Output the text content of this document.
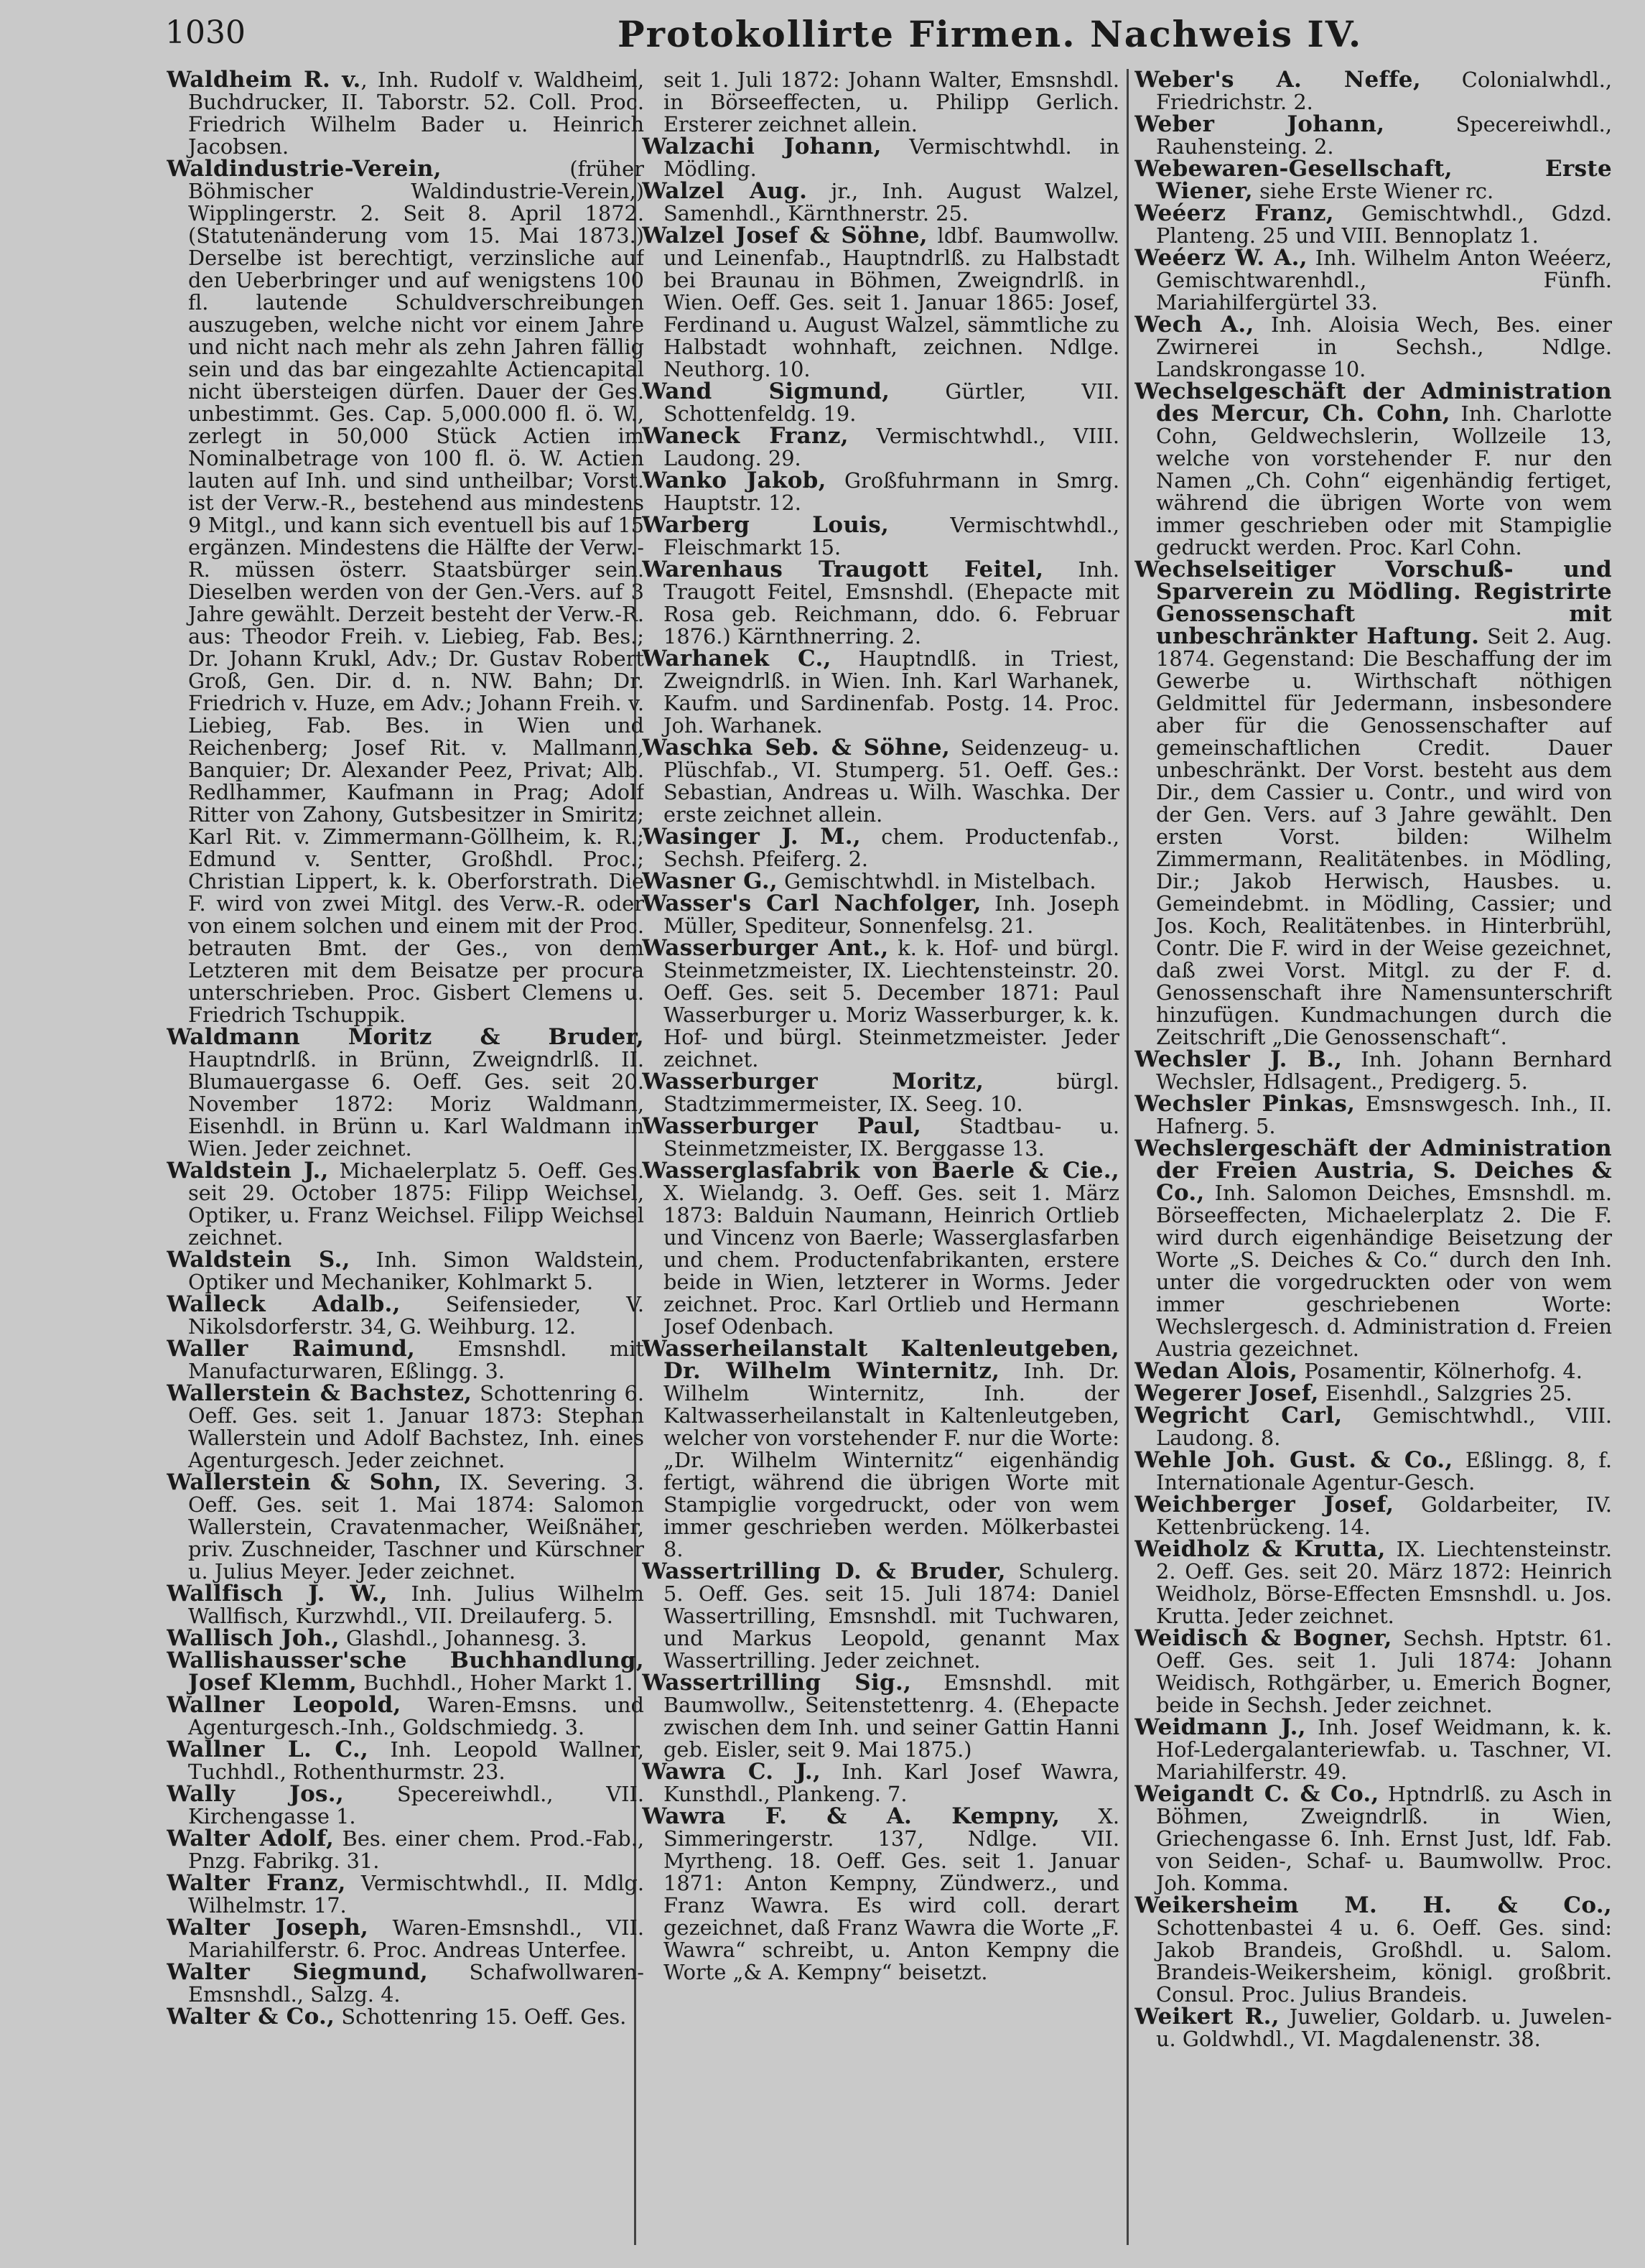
1030	Protokollirte Firmen. Nachweis IV.

Waldheim R. v., Inh. Rudolf v. Waldheim, Buchdrucker, II. Taborstr. 52. Coll. Proc. Friedrich Wilhelm Bader u. Heinrich Jacobsen.

Waldindustrie-Verein, (früher Böhmischer Waldindustrie-Verein,) Wipplingerstr. 2. Seit 8. April 1872. (Statutenänderung vom 15. Mai 1873.) Derselbe ist berechtigt, verzinsliche auf den Ueberbringer und auf wenigstens 100 fl. lautende Schuldverschreibungen auszugeben, welche nicht vor einem Jahre und nicht nach mehr als zehn Jahren fällig sein und das bar eingezahlte Actiencapital nicht übersteigen dürfen. Dauer der Ges. unbestimmt. Ges. Cap. 5,000.000 fl. ö. W., zerlegt in 50,000 Stück Actien im Nominalbetrage von 100 fl. ö. W. Actien lauten auf Inh. und sind untheilbar; Vorst. ist der Verw.-R., bestehend aus mindestens 9 Mitgl., und kann sich eventuell bis auf 15 ergänzen. Mindestens die Hälfte der Verw.-R. müssen österr. Staatsbürger sein. Dieselben werden von der Gen.-Vers. auf 3 Jahre gewählt. Derzeit besteht der Verw.-R. aus: Theodor Freih. v. Liebieg, Fab. Bes.; Dr. Johann Krukl, Adv.; Dr. Gustav Robert Groß, Gen. Dir. d. n. NW. Bahn; Dr. Friedrich v. Huze, em Adv.; Johann Freih. v. Liebieg, Fab. Bes. in Wien und Reichenberg; Josef Rit. v. Mallmann, Banquier; Dr. Alexander Peez, Privat; Alb. Redlhammer, Kaufmann in Prag; Adolf Ritter von Zahony, Gutsbesitzer in Smiritz; Karl Rit. v. Zimmermann-Göllheim, k. R.; Edmund v. Sentter, Großhdl. Proc.; Christian Lippert, k. k. Oberforstrath. Die F. wird von zwei Mitgl. des Verw.-R. oder von einem solchen und einem mit der Proc. betrauten Bmt. der Ges., von dem Letzteren mit dem Beisatze per procura unterschrieben. Proc. Gisbert Clemens u. Friedrich Tschuppik.

Waldmann Moritz & Bruder, Hauptndrlß. in Brünn, Zweigndrlß. II. Blumauergasse 6. Oeff. Ges. seit 20. November 1872: Moriz Waldmann, Eisenhdl. in Brünn u. Karl Waldmann in Wien. Jeder zeichnet.

Waldstein J., Michaelerplatz 5. Oeff. Ges. seit 29. October 1875: Filipp Weichsel, Optiker, u. Franz Weichsel. Filipp Weichsel zeichnet.

Waldstein S., Inh. Simon Waldstein, Optiker und Mechaniker, Kohlmarkt 5.

Walleck Adalb., Seifensieder, V. Nikolsdorferstr. 34, G. Weihburg. 12.

Waller Raimund, Emsnshdl. mit Manufacturwaren, Eßlingg. 3.

Wallerstein & Bachstez, Schottenring 6. Oeff. Ges. seit 1. Januar 1873: Stephan Wallerstein und Adolf Bachstez, Inh. eines Agenturgesch. Jeder zeichnet.

Wallerstein & Sohn, IX. Severing. 3. Oeff. Ges. seit 1. Mai 1874: Salomon Wallerstein, Cravatenmacher, Weißnäher, priv. Zuschneider, Taschner und Kürschner u. Julius Meyer. Jeder zeichnet.

Wallfisch J. W., Inh. Julius Wilhelm Wallfisch, Kurzwhdl., VII. Dreilauferg. 5.

Wallisch Joh., Glashdl., Johannesg. 3.

Wallishausser'sche Buchhandlung, Josef Klemm, Buchhdl., Hoher Markt 1.

Wallner Leopold, Waren-Emsns. und Agenturgesch.-Inh., Goldschmiedg. 3.

Wallner L. C., Inh. Leopold Wallner, Tuchhdl., Rothenthurmstr. 23.

Wally Jos., Specereiwhdl., VII. Kirchengasse 1.

Walter Adolf, Bes. einer chem. Prod.-Fab., Pnzg. Fabrikg. 31.

Walter Franz, Vermischtwhdl., II. Mdlg. Wilhelmstr. 17.

Walter Joseph, Waren-Emsnshdl., VII. Mariahilferstr. 6. Proc. Andreas Unterfee.

Walter Siegmund, Schafwollwaren-Emsnshdl., Salzg. 4.

Walter & Co., Schottenring 15. Oeff. Ges.

seit 1. Juli 1872: Johann Walter, Emsnshdl. in Börseeffecten, u. Philipp Gerlich. Ersterer zeichnet allein.

Walzachi Johann, Vermischtwhdl. in Mödling.

Walzel Aug. jr., Inh. August Walzel, Samenhdl., Kärnthnerstr. 25.

Walzel Josef & Söhne, ldbf. Baumwollw. und Leinenfab., Hauptndrlß. zu Halbstadt bei Braunau in Böhmen, Zweigndrlß. in Wien. Oeff. Ges. seit 1. Januar 1865: Josef, Ferdinand u. August Walzel, sämmtliche zu Halbstadt wohnhaft, zeichnen. Ndlge. Neuthorg. 10.

Wand Sigmund, Gürtler, VII. Schottenfeldg. 19.

Waneck Franz, Vermischtwhdl., VIII. Laudong. 29.

Wanko Jakob, Großfuhrmann in Smrg. Hauptstr. 12.

Warberg Louis, Vermischtwhdl., Fleischmarkt 15.

Warenhaus Traugott Feitel, Inh. Traugott Feitel, Emsnshdl. (Ehepacte mit Rosa geb. Reichmann, ddo. 6. Februar 1876.) Kärnthnerring. 2.

Warhanek C., Hauptndlß. in Triest, Zweigndrlß. in Wien. Inh. Karl Warhanek, Kaufm. und Sardinenfab. Postg. 14. Proc. Joh. Warhanek.

Waschka Seb. & Söhne, Seidenzeug- u. Plüschfab., VI. Stumperg. 51. Oeff. Ges.: Sebastian, Andreas u. Wilh. Waschka. Der erste zeichnet allein.

Wasinger J. M., chem. Productenfab., Sechsh. Pfeiferg. 2.

Wasner G., Gemischtwhdl. in Mistelbach.

Wasser's Carl Nachfolger, Inh. Joseph Müller, Spediteur, Sonnenfelsg. 21.

Wasserburger Ant., k. k. Hof- und bürgl. Steinmetzmeister, IX. Liechtensteinstr. 20. Oeff. Ges. seit 5. December 1871: Paul Wasserburger u. Moriz Wasserburger, k. k. Hof- und bürgl. Steinmetzmeister. Jeder zeichnet.

Wasserburger Moritz, bürgl. Stadtzimmermeister, IX. Seeg. 10.

Wasserburger Paul, Stadtbau- u. Steinmetzmeister, IX. Berggasse 13.

Wasserglasfabrik von Baerle & Cie., X. Wielandg. 3. Oeff. Ges. seit 1. März 1873: Balduin Naumann, Heinrich Ortlieb und Vincenz von Baerle; Wasserglasfarben und chem. Productenfabrikanten, erstere beide in Wien, letzterer in Worms. Jeder zeichnet. Proc. Karl Ortlieb und Hermann Josef Odenbach.

Wasserheilanstalt Kaltenleutgeben, Dr. Wilhelm Winternitz, Inh. Dr. Wilhelm Winternitz, Inh. der Kaltwasserheilanstalt in Kaltenleutgeben, welcher von vorstehender F. nur die Worte: „Dr. Wilhelm Winternitz“ eigenhändig fertigt, während die übrigen Worte mit Stampiglie vorgedruckt, oder von wem immer geschrieben werden. Mölkerbastei 8.

Wassertrilling D. & Bruder, Schulerg. 5. Oeff. Ges. seit 15. Juli 1874: Daniel Wassertrilling, Emsnshdl. mit Tuchwaren, und Markus Leopold, genannt Max Wassertrilling. Jeder zeichnet.

Wassertrilling Sig., Emsnshdl. mit Baumwollw., Seitenstettenrg. 4. (Ehepacte zwischen dem Inh. und seiner Gattin Hanni geb. Eisler, seit 9. Mai 1875.)

Wawra C. J., Inh. Karl Josef Wawra, Kunsthdl., Plankeng. 7.

Wawra F. & A. Kempny, X. Simmeringerstr. 137, Ndlge. VII. Myrtheng. 18. Oeff. Ges. seit 1. Januar 1871: Anton Kempny, Zündwerz., und Franz Wawra. Es wird coll. derart gezeichnet, daß Franz Wawra die Worte „F. Wawra“ schreibt, u. Anton Kempny die Worte „& A. Kempny“ beisetzt.

Weber's A. Neffe, Colonialwhdl., Friedrichstr. 2.

Weber Johann, Specereiwhdl., Rauhensteing. 2.

Webewaren-Gesellschaft, Erste Wiener, siehe Erste Wiener rc.

Weéerz Franz, Gemischtwhdl., Gdzd. Planteng. 25 und VIII. Bennoplatz 1.

Weéerz W. A., Inh. Wilhelm Anton Weéerz, Gemischtwarenhdl., Fünfh. Mariahilfergürtel 33.

Wech A., Inh. Aloisia Wech, Bes. einer Zwirnerei in Sechsh., Ndlge. Landskrongasse 10.

Wechselgeschäft der Administration des Mercur, Ch. Cohn, Inh. Charlotte Cohn, Geldwechslerin, Wollzeile 13, welche von vorstehender F. nur den Namen „Ch. Cohn“ eigenhändig fertiget, während die übrigen Worte von wem immer geschrieben oder mit Stampiglie gedruckt werden. Proc. Karl Cohn.

Wechselseitiger Vorschuß- und Sparverein zu Mödling. Registrirte Genossenschaft mit unbeschränkter Haftung. Seit 2. Aug. 1874. Gegenstand: Die Beschaffung der im Gewerbe u. Wirthschaft nöthigen Geldmittel für Jedermann, insbesondere aber für die Genossenschafter auf gemeinschaftlichen Credit. Dauer unbeschränkt. Der Vorst. besteht aus dem Dir., dem Cassier u. Contr., und wird von der Gen. Vers. auf 3 Jahre gewählt. Den ersten Vorst. bilden: Wilhelm Zimmermann, Realitätenbes. in Mödling, Dir.; Jakob Herwisch, Hausbes. u. Gemeindebmt. in Mödling, Cassier; und Jos. Koch, Realitätenbes. in Hinterbrühl, Contr. Die F. wird in der Weise gezeichnet, daß zwei Vorst. Mitgl. zu der F. d. Genossenschaft ihre Namensunterschrift hinzufügen. Kundmachungen durch die Zeitschrift „Die Genossenschaft“.

Wechsler J. B., Inh. Johann Bernhard Wechsler, Hdlsagent., Predigerg. 5.

Wechsler Pinkas, Emsnswgesch. Inh., II. Hafnerg. 5.

Wechslergeschäft der Administration der Freien Austria, S. Deiches & Co., Inh. Salomon Deiches, Emsnshdl. m. Börseeffecten, Michaelerplatz 2. Die F. wird durch eigenhändige Beisetzung der Worte „S. Deiches & Co.“ durch den Inh. unter die vorgedruckten oder von wem immer geschriebenen Worte: Wechslergesch. d. Administration d. Freien Austria gezeichnet.

Wedan Alois, Posamentir, Kölnerhofg. 4.

Wegerer Josef, Eisenhdl., Salzgries 25.

Wegricht Carl, Gemischtwhdl., VIII. Laudong. 8.

Wehle Joh. Gust. & Co., Eßlingg. 8, f. Internationale Agentur-Gesch.

Weichberger Josef, Goldarbeiter, IV. Kettenbrückeng. 14.

Weidholz & Krutta, IX. Liechtensteinstr. 2. Oeff. Ges. seit 20. März 1872: Heinrich Weidholz, Börse-Effecten Emsnshdl. u. Jos. Krutta. Jeder zeichnet.

Weidisch & Bogner, Sechsh. Hptstr. 61. Oeff. Ges. seit 1. Juli 1874: Johann Weidisch, Rothgärber, u. Emerich Bogner, beide in Sechsh. Jeder zeichnet.

Weidmann J., Inh. Josef Weidmann, k. k. Hof-Ledergalanteriewfab. u. Taschner, VI. Mariahilferstr. 49.

Weigandt C. & Co., Hptndrlß. zu Asch in Böhmen, Zweigndrlß. in Wien, Griechengasse 6. Inh. Ernst Just, ldf. Fab. von Seiden-, Schaf- u. Baumwollw. Proc. Joh. Komma.

Weikersheim M. H. & Co., Schottenbastei 4 u. 6. Oeff. Ges. sind: Jakob Brandeis, Großhdl. u. Salom. Brandeis-Weikersheim, königl. großbrit. Consul. Proc. Julius Brandeis.

Weikert R., Juwelier, Goldarb. u. Juwelen- u. Goldwhdl., VI. Magdalenenstr. 38.
